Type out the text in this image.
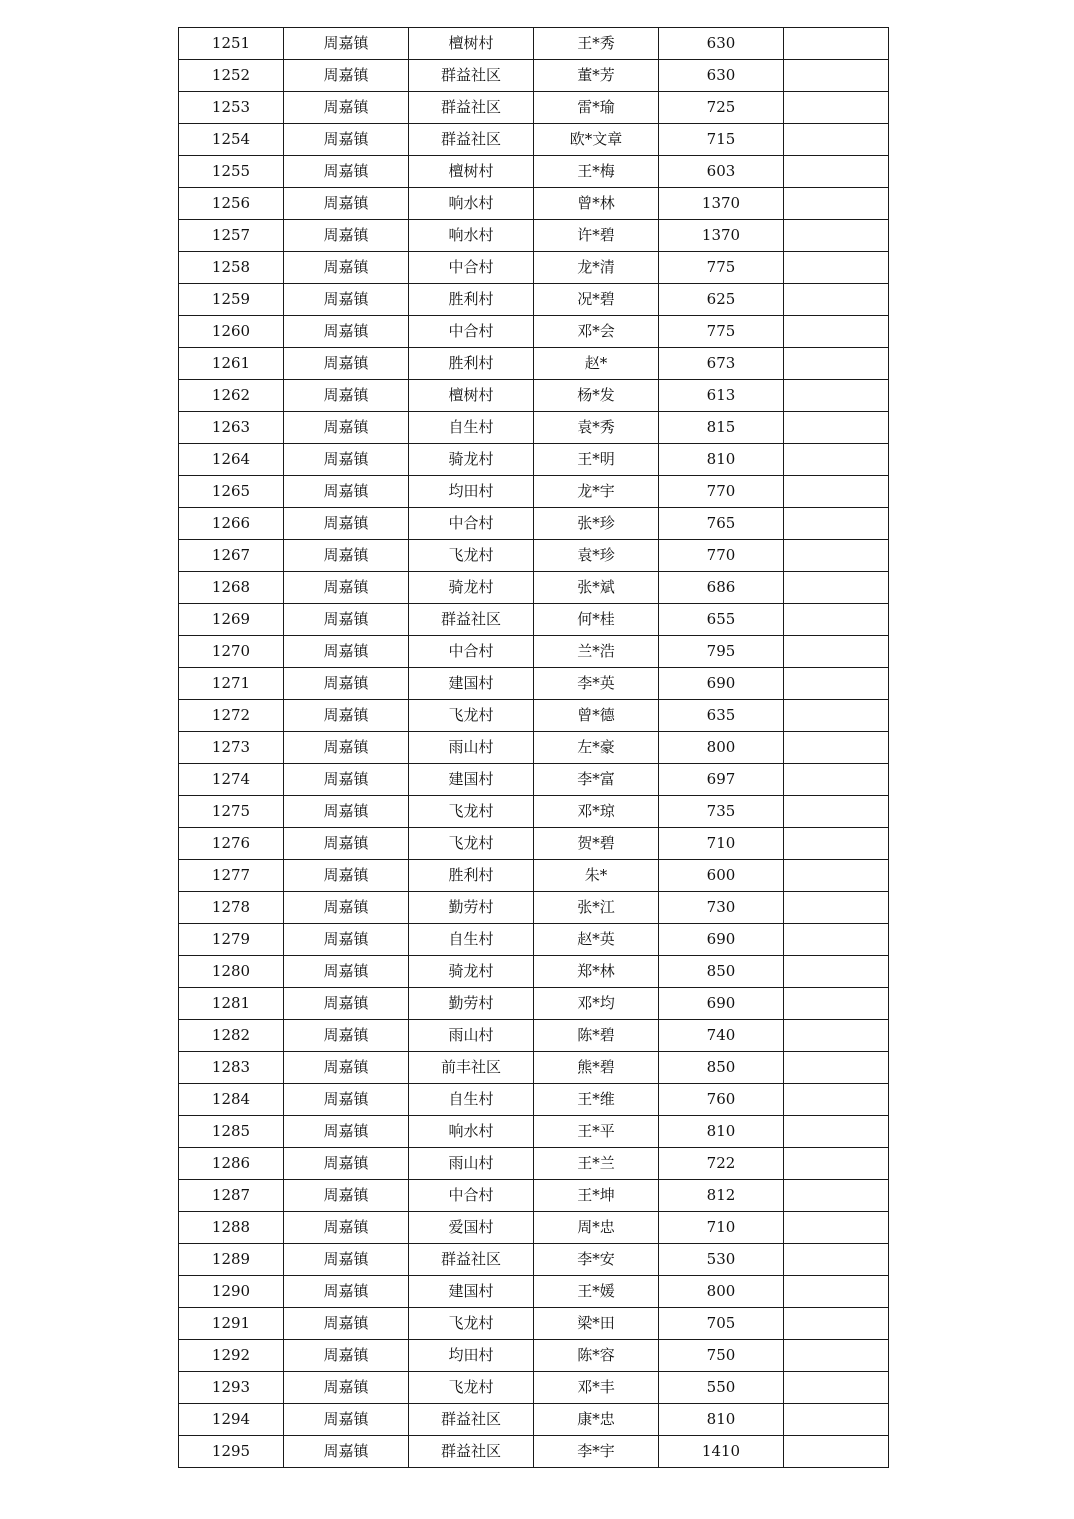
1251	周嘉镇	檀树村	王*秀	630	
1252	周嘉镇	群益社区	董*芳	630	
1253	周嘉镇	群益社区	雷*瑜	725	
1254	周嘉镇	群益社区	欧*文章	715	
1255	周嘉镇	檀树村	王*梅	603	
1256	周嘉镇	响水村	曾*林	1370	
1257	周嘉镇	响水村	许*碧	1370	
1258	周嘉镇	中合村	龙*清	775	
1259	周嘉镇	胜利村	况*碧	625	
1260	周嘉镇	中合村	邓*会	775	
1261	周嘉镇	胜利村	赵*	673	
1262	周嘉镇	檀树村	杨*发	613	
1263	周嘉镇	自生村	袁*秀	815	
1264	周嘉镇	骑龙村	王*明	810	
1265	周嘉镇	均田村	龙*宇	770	
1266	周嘉镇	中合村	张*珍	765	
1267	周嘉镇	飞龙村	袁*珍	770	
1268	周嘉镇	骑龙村	张*斌	686	
1269	周嘉镇	群益社区	何*桂	655	
1270	周嘉镇	中合村	兰*浩	795	
1271	周嘉镇	建国村	李*英	690	
1272	周嘉镇	飞龙村	曾*德	635	
1273	周嘉镇	雨山村	左*豪	800	
1274	周嘉镇	建国村	李*富	697	
1275	周嘉镇	飞龙村	邓*琼	735	
1276	周嘉镇	飞龙村	贺*碧	710	
1277	周嘉镇	胜利村	朱*	600	
1278	周嘉镇	勤劳村	张*江	730	
1279	周嘉镇	自生村	赵*英	690	
1280	周嘉镇	骑龙村	郑*林	850	
1281	周嘉镇	勤劳村	邓*均	690	
1282	周嘉镇	雨山村	陈*碧	740	
1283	周嘉镇	前丰社区	熊*碧	850	
1284	周嘉镇	自生村	王*维	760	
1285	周嘉镇	响水村	王*平	810	
1286	周嘉镇	雨山村	王*兰	722	
1287	周嘉镇	中合村	王*坤	812	
1288	周嘉镇	爱国村	周*忠	710	
1289	周嘉镇	群益社区	李*安	530	
1290	周嘉镇	建国村	王*媛	800	
1291	周嘉镇	飞龙村	梁*田	705	
1292	周嘉镇	均田村	陈*容	750	
1293	周嘉镇	飞龙村	邓*丰	550	
1294	周嘉镇	群益社区	康*忠	810	
1295	周嘉镇	群益社区	李*宇	1410	
